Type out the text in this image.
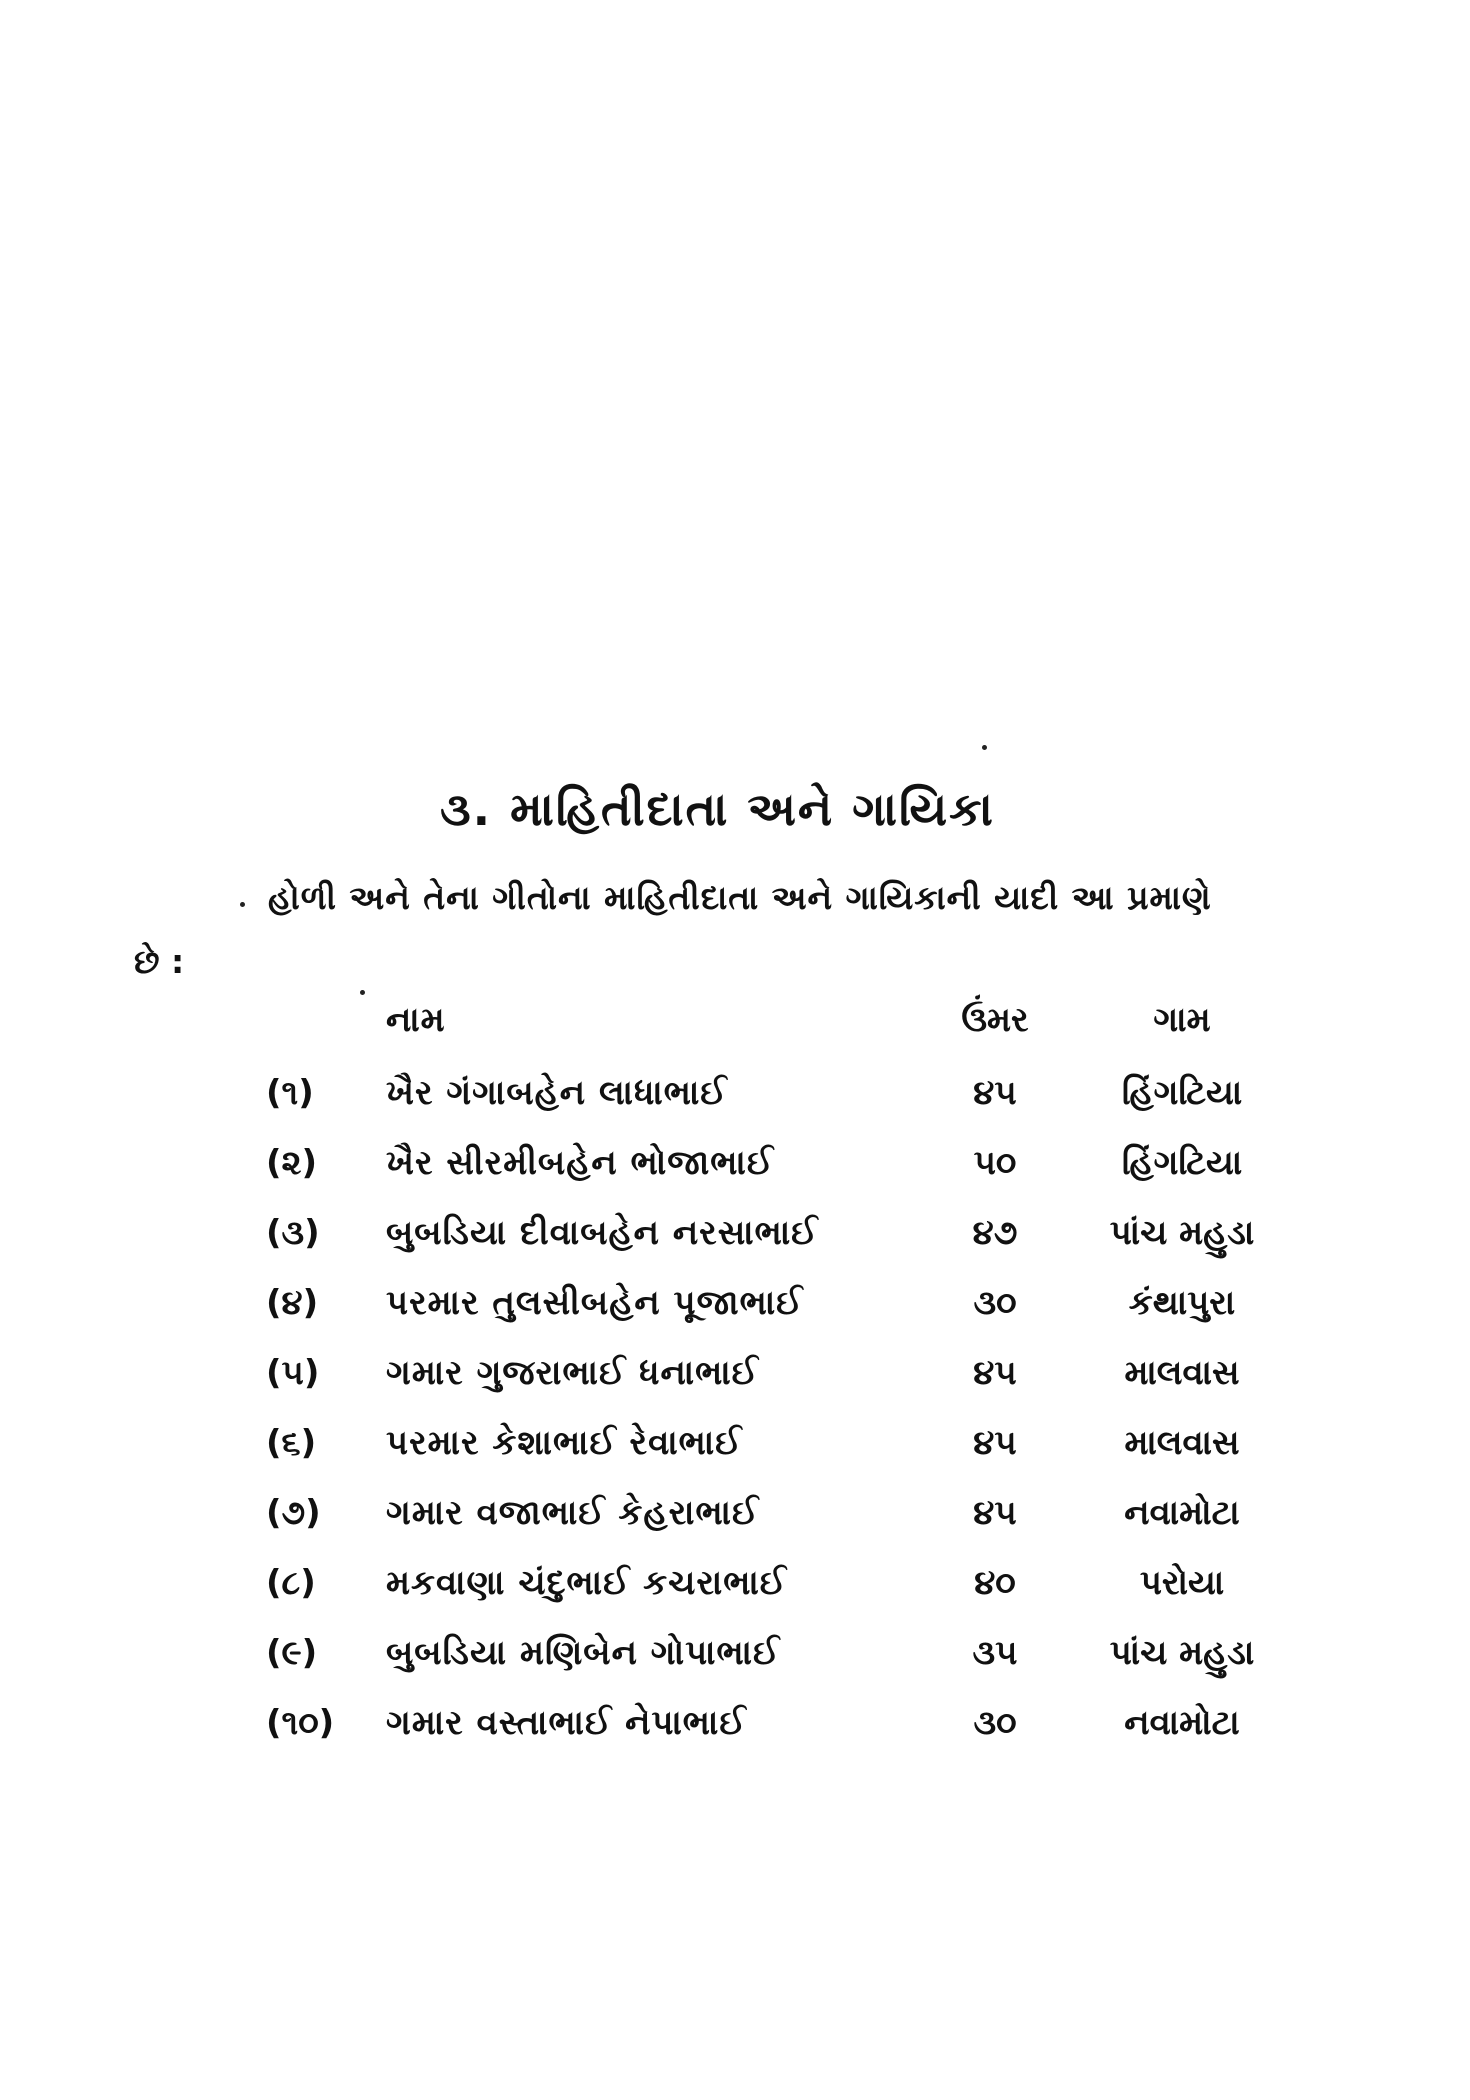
૩. માહિતીદાતા અને ગાયિકા
હોળી અને તેના ગીતોના માહિતીદાતા અને ગાયિકાની યાદી આ પ્રમાણે
છે :
નામ	ઉંમર	ગામ
(૧) ખૈર ગંગાબહેન લાધાભાઈ	૪૫	હિંગટિયા
(૨) ખૈર સીરમીબહેન ભોજાભાઈ	૫૦	હિંગટિયા
(૩) બુબડિયા દીવાબહેન નરસાભાઈ	૪૭	પાંચ મહુડા
(૪) પરમાર તુલસીબહેન પૂજાભાઈ	૩૦	કંથાપુરા
(૫) ગમાર ગુજરાભાઈ ધનાભાઈ	૪૫	માલવાસ
(૬) પરમાર કેશાભાઈ રેવાભાઈ	૪૫	માલવાસ
(૭) ગમાર વજાભાઈ કેહરાભાઈ	૪૫	નવામોટા
(૮) મકવાણા ચંદુભાઈ કચરાભાઈ	૪૦	પરોયા
(૯) બુબડિયા મણિબેન ગોપાભાઈ	૩૫	પાંચ મહુડા
(૧૦) ગમાર વસ્તાભાઈ નેપાભાઈ	૩૦	નવામોટા
